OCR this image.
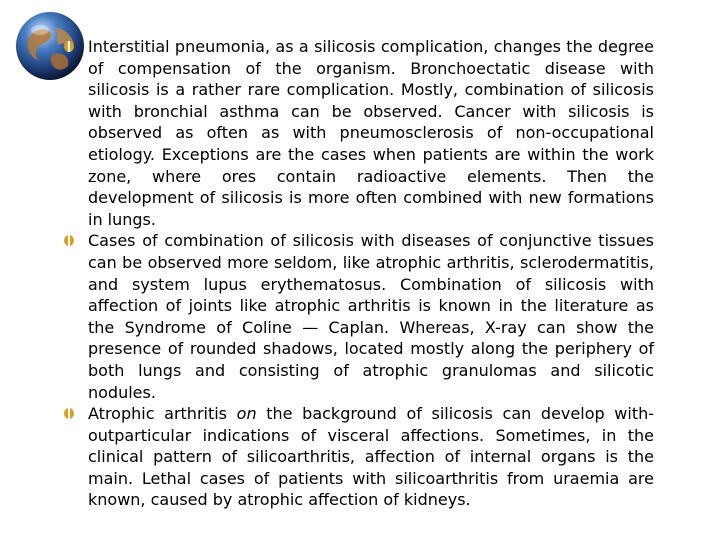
Interstitial pneumonia, as a silicosis complication, changes the degree of compensation of the organism. Bronchoectatic disease with silicosis is a rather rare complication. Mostly, combination of silicosis with bronchial asthma can be observed. Cancer with silicosis is observed as often as with pneumosclerosis of non-occupational etiology. Exceptions are the cases when patients are within the work zone, where ores contain radioactive elements. Then the development of silicosis is more often combined with new formations in lungs.
Cases of combination of silicosis with diseases of conjunctive tissues can be observed more seldom, like atrophic arthritis, sclerodermatitis, and system lupus erythematosus. Combination of silicosis with affection of joints like atrophic arthritis is known in the literature as the Syndrome of Coline — Caplan. Whereas, X-ray can show the presence of rounded shadows, located mostly along the periphery of both lungs and consisting of atrophic granulomas and silicotic nodules.
Atrophic arthritis on the background of silicosis can develop with-outparticular indications of visceral affections. Sometimes, in the clinical pattern of silicoarthritis, affection of internal organs is the main. Lethal cases of patients with silicoarthritis from uraemia are known, caused by atrophic affection of kidneys.
